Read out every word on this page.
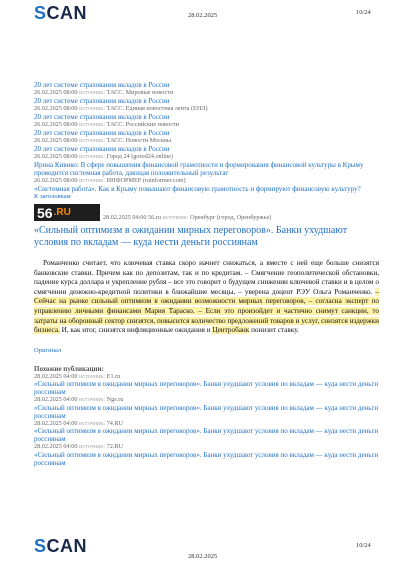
SCAN	28.02.2025	10/24
20 лет системе страхования вкладов в России
26.02.2025 08:00 источник: ТАСС. Мировые новости
20 лет системе страхования вкладов в России
26.02.2025 08:00 источник: ТАСС. Единая новостная лента (ЕНЛ)
20 лет системе страхования вкладов в России
26.02.2025 08:00 источник: ТАСС. Российские новости
20 лет системе страхования вкладов в России
26.02.2025 08:00 источник: ТАСС. Новости Москвы
20 лет системе страхования вкладов в России
26.02.2025 08:00 источник: Город 24 (gorod24.online)
Ирина Кивико: В сфере повышения финансовой грамотности и формирования финансовой культуры в Крыму проводится системная работа, дающая положительный результат
26.02.2025 08:00 источник: ИНФОРМЕР (ruinformer.com)
«Системная работа». Как в Крыму повышают финансовую грамотность и формируют финансовую культуру?
К заголовкам
56 .RU	28.02.2025 04:00 56.ru источник: Оренбург (город, Оренбуржье)
«Сильный оптимизм в ожидании мирных переговоров». Банки ухудшают условия по вкладам — куда нести деньги россиянам
Романченко считает, что ключевая ставка скоро начнет снижаться, а вместе с ней еще больше снизятся банковские ставки. Причем как по депозитам, так и по кредитам. – Смягчение геополитической обстановки, падение курса доллара и укрепление рубля – все это говорит о будущем снижении ключевой ставки и в целом о смягчении денежно-кредитной политики в ближайшие месяцы, – уверена доцент РЭУ Ольга Романченко. – Сейчас на рынке сильный оптимизм в ожидании возможности мирных переговоров, – согласна эксперт по управлению личными финансами Мария Тараско. – Если это произойдет и частично снимут санкции, то затраты на оборонный сектор снизятся, повысится количество предложений товаров и услуг, снизятся издержки бизнеса. И, как итог, снизятся инфляционные ожидания и Центробанк понизит ставку.
Оригинал
Похожие публикации:
28.02.2025 04:00 источник: E1.ru
«Сильный оптимизм в ожидании мирных переговоров». Банки ухудшают условия по вкладам — куда нести деньги россиянам
28.02.2025 04:00 источник: Ngs.ru
«Сильный оптимизм в ожидании мирных переговоров». Банки ухудшают условия по вкладам — куда нести деньги россиянам
28.02.2025 04:00 источник: 74.RU
«Сильный оптимизм в ожидании мирных переговоров». Банки ухудшают условия по вкладам — куда нести деньги россиянам
28.02.2025 04:00 источник: 72.RU
«Сильный оптимизм в ожидании мирных переговоров». Банки ухудшают условия по вкладам — куда нести деньги россиянам
SCAN
28.02.2025
10/24
